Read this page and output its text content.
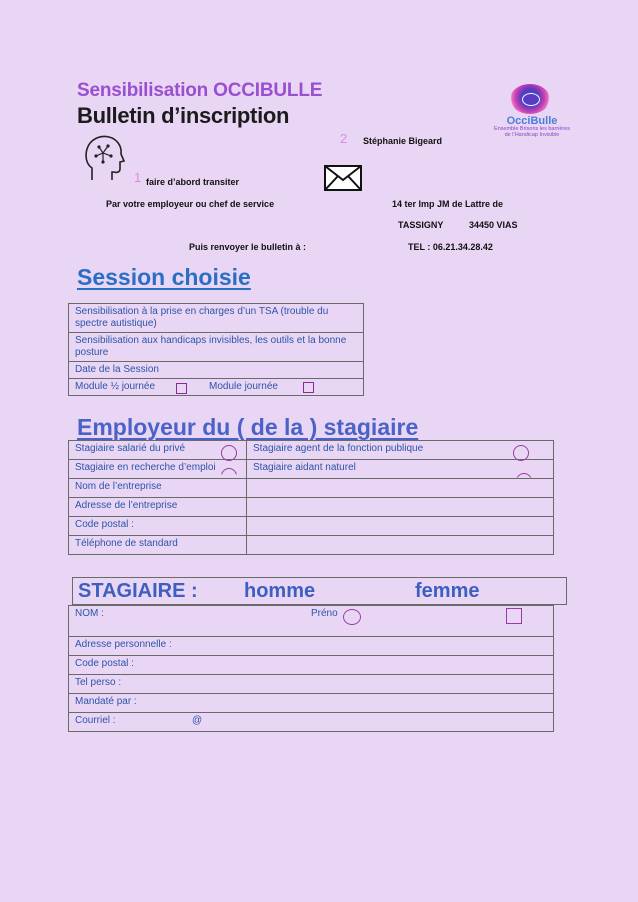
Sensibilisation OCCIBULLE
Bulletin d’inscription
2 Stéphanie Bigeard
OcciBulle
Ensemble Brisons les barrières
de l’Handicap Invisible
1 faire d’abord transiter
Par votre employeur ou chef de service	14 ter Imp JM de Lattre de
TASSIGNY	34450 VIAS
Puis renvoyer le bulletin à :	TEL : 06.21.34.28.42
Session choisie
Sensibilisation à la prise en charges d’un TSA (trouble du spectre autistique)
Sensibilisation aux handicaps invisibles, les outils et la bonne posture
Date de la Session
Module ½ journée	Module journée
Employeur du ( de la ) stagiaire
Stagiaire salarié du privé	Stagiaire agent de la fonction publique
Stagiaire en recherche d’emploi	Stagiaire aidant naturel
Nom de l’entreprise	
Adresse de l’entreprise	
Code postal :	
Téléphone de standard	
STAGIAIRE : homme	femme
NOM :	Préno

Adresse personnelle :
Code postal :
Tel perso :
Mandaté par :
Courriel :	@
